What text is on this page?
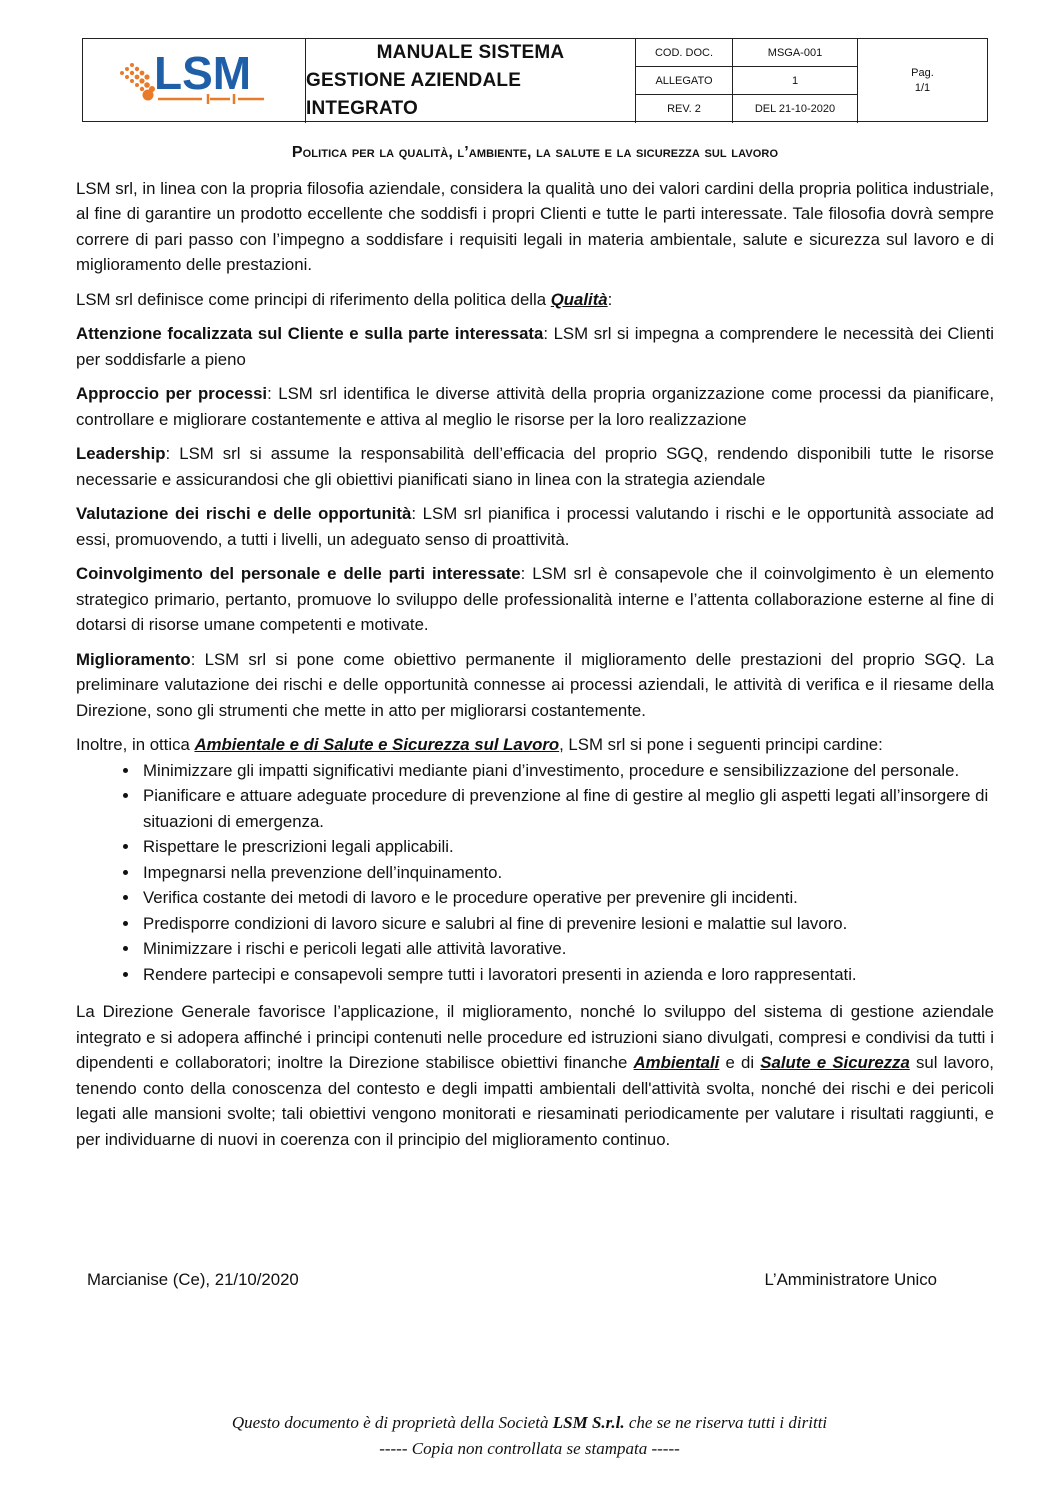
LSM	MANUALE SISTEMA
GESTIONE AZIENDALE INTEGRATO
COD. DOC.	MSGA-001
ALLEGATO	1
REV. 2	DEL 21-10-2020
Pag.
1/1
Politica per la qualità, l’ambiente, la salute e la sicurezza sul lavoro

LSM srl, in linea con la propria filosofia aziendale, considera la qualità uno dei valori cardini della propria politica industriale, al fine di garantire un prodotto eccellente che soddisfi i propri Clienti e tutte le parti interessate. Tale filosofia dovrà sempre correre di pari passo con l’impegno a soddisfare i requisiti legali in materia ambientale, salute e sicurezza sul lavoro e di miglioramento delle prestazioni.

LSM srl definisce come principi di riferimento della politica della Qualità:

Attenzione focalizzata sul Cliente e sulla parte interessata: LSM srl si impegna a comprendere le necessità dei Clienti per soddisfarle a pieno

Approccio per processi: LSM srl identifica le diverse attività della propria organizzazione come processi da pianificare, controllare e migliorare costantemente e attiva al meglio le risorse per la loro realizzazione

Leadership: LSM srl si assume la responsabilità dell’efficacia del proprio SGQ, rendendo disponibili tutte le risorse necessarie e assicurandosi che gli obiettivi pianificati siano in linea con la strategia aziendale

Valutazione dei rischi e delle opportunità: LSM srl pianifica i processi valutando i rischi e le opportunità associate ad essi, promuovendo, a tutti i livelli, un adeguato senso di proattività.

Coinvolgimento del personale e delle parti interessate: LSM srl è consapevole che il coinvolgimento è un elemento strategico primario, pertanto, promuove lo sviluppo delle professionalità interne e l’attenta collaborazione esterne al fine di dotarsi di risorse umane competenti e motivate.

Miglioramento: LSM srl si pone come obiettivo permanente il miglioramento delle prestazioni del proprio SGQ. La preliminare valutazione dei rischi e delle opportunità connesse ai processi aziendali, le attività di verifica e il riesame della Direzione, sono gli strumenti che mette in atto per migliorarsi costantemente.

Inoltre, in ottica Ambientale e di Salute e Sicurezza sul Lavoro, LSM srl si pone i seguenti principi cardine:

• Minimizzare gli impatti significativi mediante piani d’investimento, procedure e sensibilizzazione del personale.
• Pianificare e attuare adeguate procedure di prevenzione al fine di gestire al meglio gli aspetti legati all’insorgere di situazioni di emergenza.
• Rispettare le prescrizioni legali applicabili.
• Impegnarsi nella prevenzione dell’inquinamento.
• Verifica costante dei metodi di lavoro e le procedure operative per prevenire gli incidenti.
• Predisporre condizioni di lavoro sicure e salubri al fine di prevenire lesioni e malattie sul lavoro.
• Minimizzare i rischi e pericoli legati alle attività lavorative.
• Rendere partecipi e consapevoli sempre tutti i lavoratori presenti in azienda e loro rappresentati.

La Direzione Generale favorisce l’applicazione, il miglioramento, nonché lo sviluppo del sistema di gestione aziendale integrato e si adopera affinché i principi contenuti nelle procedure ed istruzioni siano divulgati, compresi e condivisi da tutti i dipendenti e collaboratori; inoltre la Direzione stabilisce obiettivi finanche Ambientali e di Salute e Sicurezza sul lavoro, tenendo conto della conoscenza del contesto e degli impatti ambientali dell'attività svolta, nonché dei rischi e dei pericoli legati alle mansioni svolte; tali obiettivi vengono monitorati e riesaminati periodicamente per valutare i risultati raggiunti, e per individuarne di nuovi in coerenza con il principio del miglioramento continuo.

Marcianise (Ce), 21/10/2020	L’Amministratore Unico
Questo documento è di proprietà della Società LSM S.r.l. che se ne riserva tutti i diritti
----- Copia non controllata se stampata -----
